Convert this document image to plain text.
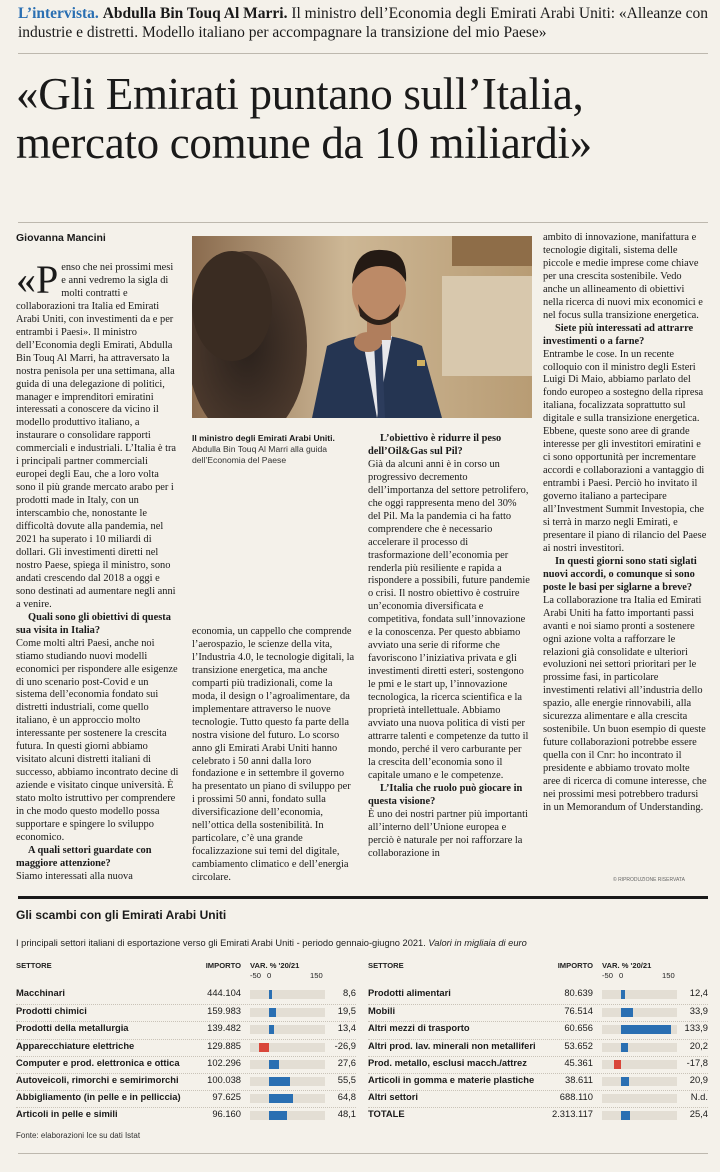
L’intervista. Abdulla Bin Touq Al Marri. Il ministro dell’Economia degli Emirati Arabi Uniti: «Alleanze con industrie e distretti. Modello italiano per accompagnare la transizione del mio Paese»
«Gli Emirati puntano sull’Italia,
mercato comune da 10 miliardi»
Giovanna Mancini

«P enso che nei prossimi mesi e anni vedremo la sigla di molti contratti e collaborazioni tra Italia ed Emirati Arabi Uniti, con investimenti da e per entrambi i Paesi». Il ministro dell’Economia degli Emirati, Abdulla Bin Touq Al Marri, ha attraversato la nostra penisola per una settimana, alla guida di una delegazione di politici, manager e imprenditori emiratini interessati a conoscere da vicino il modello produttivo italiano, a instaurare o consolidare rapporti commerciali e industriali. L’Italia è tra i principali partner commerciali europei degli Eau, che a loro volta sono il più grande mercato arabo per i prodotti made in Italy, con un interscambio che, nonostante le difficoltà dovute alla pandemia, nel 2021 ha superato i 10 miliardi di dollari. Gli investimenti diretti nel nostro Paese, spiega il ministro, sono andati crescendo dal 2018 a oggi e sono destinati ad aumentare negli anni a venire.

Quali sono gli obiettivi di questa sua visita in Italia?

Come molti altri Paesi, anche noi stiamo studiando nuovi modelli economici per rispondere alle esigenze di uno scenario post-Covid e un sistema dell’economia fondato sui distretti industriali, come quello italiano, è un approccio molto interessante per sostenere la crescita futura. In questi giorni abbiamo visitato alcuni distretti italiani di successo, abbiamo incontrato decine di aziende e visitato cinque università. È stato molto istruttivo per comprendere in che modo questo modello possa supportare e spingere lo sviluppo economico.

A quali settori guardate con maggiore attenzione?

Siamo interessati alla nuova

Il ministro degli Emirati Arabi Uniti. Abdulla Bin Touq Al Marri alla guida dell’Economia del Paese

economia, un cappello che comprende l’aerospazio, le scienze della vita, l’Industria 4.0, le tecnologie digitali, la transizione energetica, ma anche comparti più tradizionali, come la moda, il design o l’agroalimentare, da implementare attraverso le nuove tecnologie. Tutto questo fa parte della nostra visione del futuro. Lo scorso anno gli Emirati Arabi Uniti hanno celebrato i 50 anni dalla loro fondazione e in settembre il governo ha presentato un piano di sviluppo per i prossimi 50 anni, fondato sulla diversificazione dell’economia, nell’ottica della sostenibilità. In particolare, c’è una grande focalizzazione sui temi del digitale, cambiamento climatico e dell’energia circolare.

L’obiettivo è ridurre il peso dell’Oil&Gas sul Pil?

Già da alcuni anni è in corso un progressivo decremento dell’importanza del settore petrolifero, che oggi rappresenta meno del 30% del Pil. Ma la pandemia ci ha fatto comprendere che è necessario accelerare il processo di trasformazione dell’economia per renderla più resiliente e rapida a rispondere a possibili, future pandemie o crisi. Il nostro obiettivo è costruire un’economia diversificata e competitiva, fondata sull’innovazione e la conoscenza. Per questo abbiamo avviato una serie di riforme che favoriscono l’iniziativa privata e gli investimenti diretti esteri, sostengono le pmi e le start up, l’innovazione tecnologica, la ricerca scientifica e la proprietà intellettuale. Abbiamo avviato una nuova politica di visti per attrarre talenti e competenze da tutto il mondo, perché il vero carburante per la crescita dell’economia sono il capitale umano e le competenze.

L’Italia che ruolo può giocare in questa visione?

È uno dei nostri partner più importanti all’interno dell’Unione europea e perciò è naturale per noi rafforzare la collaborazione in

ambito di innovazione, manifattura e tecnologie digitali, sistema delle piccole e medie imprese come chiave per una crescita sostenibile. Vedo anche un allineamento di obiettivi nella ricerca di nuovi mix economici e nel focus sulla transizione energetica.

Siete più interessati ad attrarre investimenti o a farne?

Entrambe le cose. In un recente colloquio con il ministro degli Esteri Luigi Di Maio, abbiamo parlato del fondo europeo a sostegno della ripresa italiana, focalizzata soprattutto sul digitale e sulla transizione energetica. Ebbene, queste sono aree di grande interesse per gli investitori emiratini e ci sono opportunità per incrementare accordi e collaborazioni a vantaggio di entrambi i Paesi. Perciò ho invitato il governo italiano a partecipare all’Investment Summit Investopia, che si terrà in marzo negli Emirati, e presentare il piano di rilancio del Paese ai nostri investitori.

In questi giorni sono stati siglati nuovi accordi, o comunque si sono poste le basi per siglarne a breve?

La collaborazione tra Italia ed Emirati Arabi Uniti ha fatto importanti passi avanti e noi siamo pronti a sostenere ogni azione volta a rafforzare le relazioni già consolidate e ulteriori evoluzioni nei settori prioritari per le prossime fasi, in particolare investimenti relativi all’industria dello spazio, alle energie rinnovabili, alla sicurezza alimentare e alla crescita sostenibile. Un buon esempio di queste future collaborazioni potrebbe essere quella con il Cnr: ho incontrato il presidente e abbiamo trovato molte aree di ricerca di comune interesse, che nei prossimi mesi potrebbero tradursi in un Memorandum of Understanding.

© RIPRODUZIONE RISERVATA
Gli scambi con gli Emirati Arabi Uniti
I principali settori italiani di esportazione verso gli Emirati Arabi Uniti - periodo gennaio-giugno 2021. Valori in migliaia di euro
SETTORE	IMPORTO VAR. % '20/21
-50 0	150
SETTORE	IMPORTO VAR. % '20/21
-50 0	150
Macchinari	444.104	8,6
Prodotti chimici	159.983	19,5
Prodotti della metallurgia	139.482	13,4
Apparecchiature elettriche	129.885	-26,9
Computer e prod. elettronica e ottica	102.296	27,6
Autoveicoli, rimorchi e semirimorchi	100.038	55,5
Abbigliamento (in pelle e in pelliccia)	97.625	64,8
Articoli in pelle e simili	96.160	48,1
Prodotti alimentari	80.639	12,4
Mobili	76.514	33,9
Altri mezzi di trasporto	60.656	133,9
Altri prod. lav. minerali non metalliferi	53.652	20,2
Prod. metallo, esclusi macch./attrez	45.361	-17,8
Articoli in gomma e materie plastiche	38.611	20,9
Altri settori	688.110	N.d.
TOTALE	2.313.117	25,4
Fonte: elaborazioni Ice su dati Istat
